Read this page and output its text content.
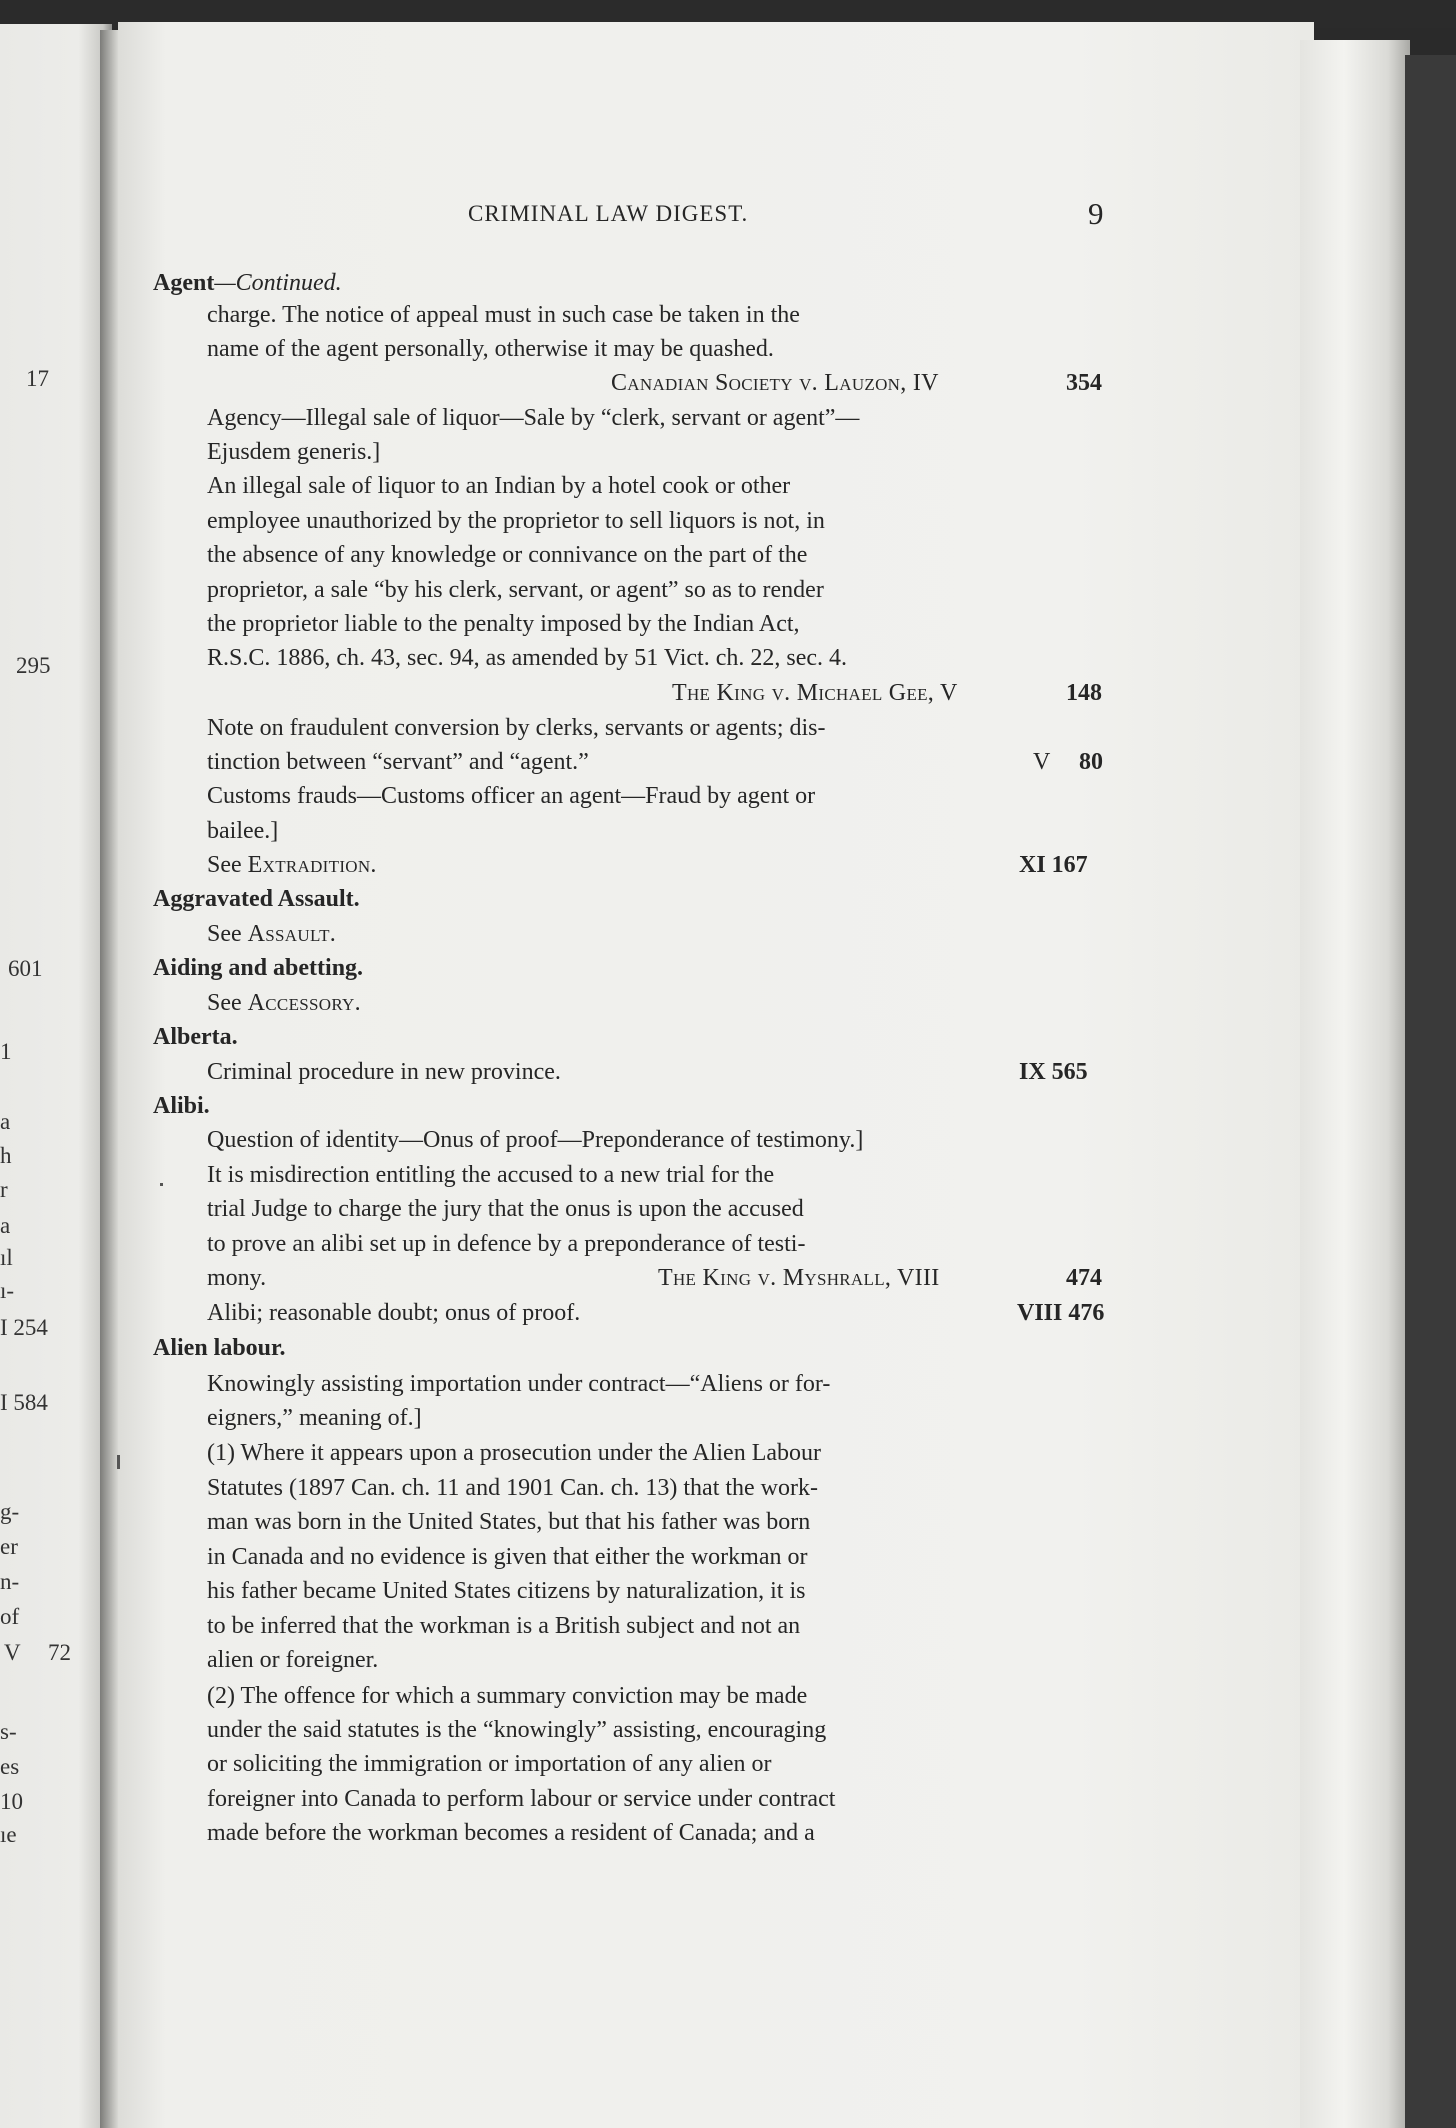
17
295
601
1
a
h
r
a
ıl
ı-
I 254
I 584
g-
er
n-
of
V 72
s-
es
10
ıe
CRIMINAL LAW DIGEST.	9
Agent—Continued.
charge. The notice of appeal must in such case be taken in the
name of the agent personally, otherwise it may be quashed.
Canadian Society v. Lauzon, IV	354
Agency—Illegal sale of liquor—Sale by “clerk, servant or agent”—
Ejusdem generis.]
An illegal sale of liquor to an Indian by a hotel cook or other
employee unauthorized by the proprietor to sell liquors is not, in
the absence of any knowledge or connivance on the part of the
proprietor, a sale “by his clerk, servant, or agent” so as to render
the proprietor liable to the penalty imposed by the Indian Act,
R.S.C. 1886, ch. 43, sec. 94, as amended by 51 Vict. ch. 22, sec. 4.
The King v. Michael Gee, V	148
Note on fraudulent conversion by clerks, servants or agents; dis-
tinction between “servant” and “agent.”	V 80
Customs frauds—Customs officer an agent—Fraud by agent or
bailee.]
See Extradition.	XI 167
Aggravated Assault.
See Assault.
Aiding and abetting.
See Accessory.
Alberta.
Criminal procedure in new province.	IX 565
Alibi.
Question of identity—Onus of proof—Preponderance of testimony.]
It is misdirection entitling the accused to a new trial for the
trial Judge to charge the jury that the onus is upon the accused
to prove an alibi set up in defence by a preponderance of testi-
mony.	The King v. Myshrall, VIII	474
Alibi; reasonable doubt; onus of proof.	VIII 476
Alien labour.
Knowingly assisting importation under contract—“Aliens or for-
eigners,” meaning of.]
(1) Where it appears upon a prosecution under the Alien Labour
Statutes (1897 Can. ch. 11 and 1901 Can. ch. 13) that the work-
man was born in the United States, but that his father was born
in Canada and no evidence is given that either the workman or
his father became United States citizens by naturalization, it is
to be inferred that the workman is a British subject and not an
alien or foreigner.
(2) The offence for which a summary conviction may be made
under the said statutes is the “knowingly” assisting, encouraging
or soliciting the immigration or importation of any alien or
foreigner into Canada to perform labour or service under contract
made before the workman becomes a resident of Canada; and a
